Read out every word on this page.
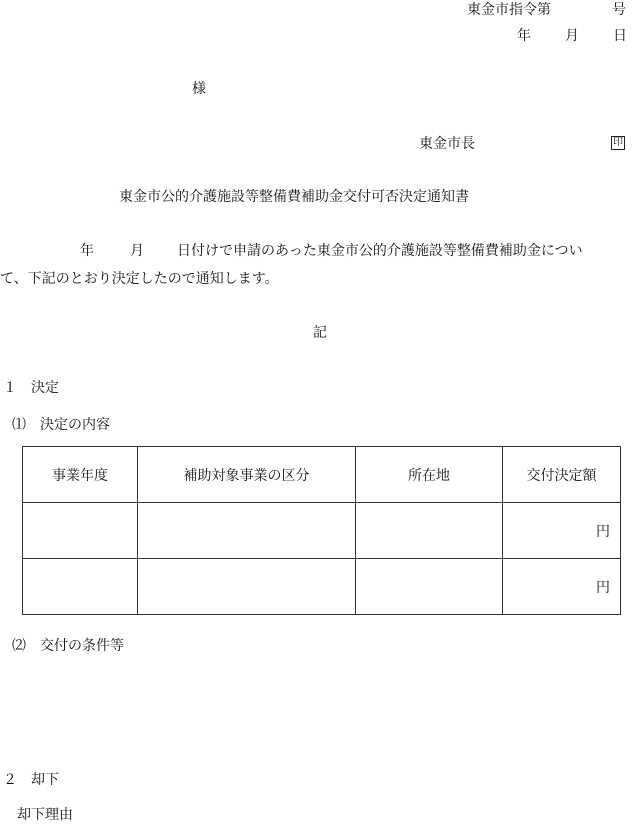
東金市指令第	号
年 月 日
様
東金市長	印
東金市公的介護施設等整備費補助金交付可否決定通知書
年	月 日付けで申請のあった東金市公的介護施設等整備費補助金につい
て、下記のとおり決定したので通知します。
記
１　決定
⑴　決定の内容
事業年度	補助対象事業の区分	所在地	交付決定額
			円
			円
⑵　交付の条件等
２　却下
却下理由
